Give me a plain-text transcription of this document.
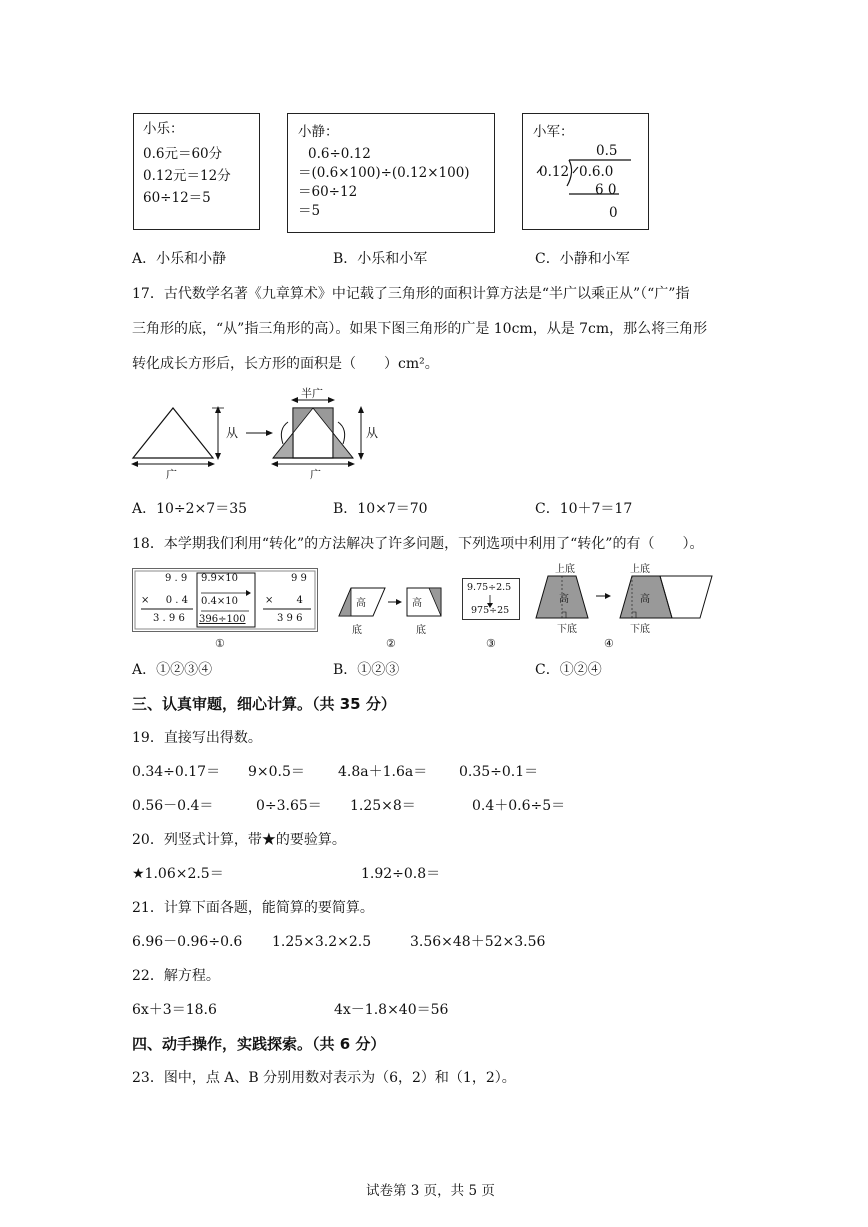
小乐：
0.6元＝60分
0.12元＝12分
60÷12＝5
小静：
0.6÷0.12
＝(0.6×100)÷(0.12×100)
＝60÷12
＝5
小军：
0.5
0.12 0.6.0
6 0
0
A．小乐和小静	B．小乐和小军	C．小静和小军
17．古代数学名著《九章算术》中记载了三角形的面积计算方法是“半广以乘正从”（“广”指
三角形的底，“从”指三角形的高）。如果下图三角形的广是 10cm，从是 7cm，那么将三角形
转化成长方形后，长方形的面积是（　　）cm²。
从
广
从
广
半广
A．10÷2×7＝35	B．10×7＝70	C．10＋7＝17
18．本学期我们利用“转化”的方法解决了许多问题，下列选项中利用了“转化”的有（　　）。
9 . 9
× 　 0 . 4
3 . 9 6
9.9×10
0.4×10
396÷100
9 9
× 　　4
3 9 6
①
高
底
高
底
②
9.75÷2.5
975÷25
③
上底
下底
高
上底
下底
高
④
A．①②③④	B．①②③	C．①②④
三、认真审题，细心计算。（共 35 分）
19．直接写出得数。
0.34÷0.17＝ 9×0.5＝ 4.8a＋1.6a＝ 0.35÷0.1＝
0.56－0.4＝	0÷3.65＝ 1.25×8＝	0.4＋0.6÷5＝
20．列竖式计算，带★的要验算。
★1.06×2.5＝	1.92÷0.8＝
21．计算下面各题，能简算的要简算。
6.96－0.96÷0.6 1.25×3.2×2.5	3.56×48＋52×3.56
22．解方程。
6x＋3＝18.6	4x－1.8×40＝56
四、动手操作，实践探索。（共 6 分）
23．图中，点 A、B 分别用数对表示为（6，2）和（1，2）。
试卷第 3 页，共 5 页
